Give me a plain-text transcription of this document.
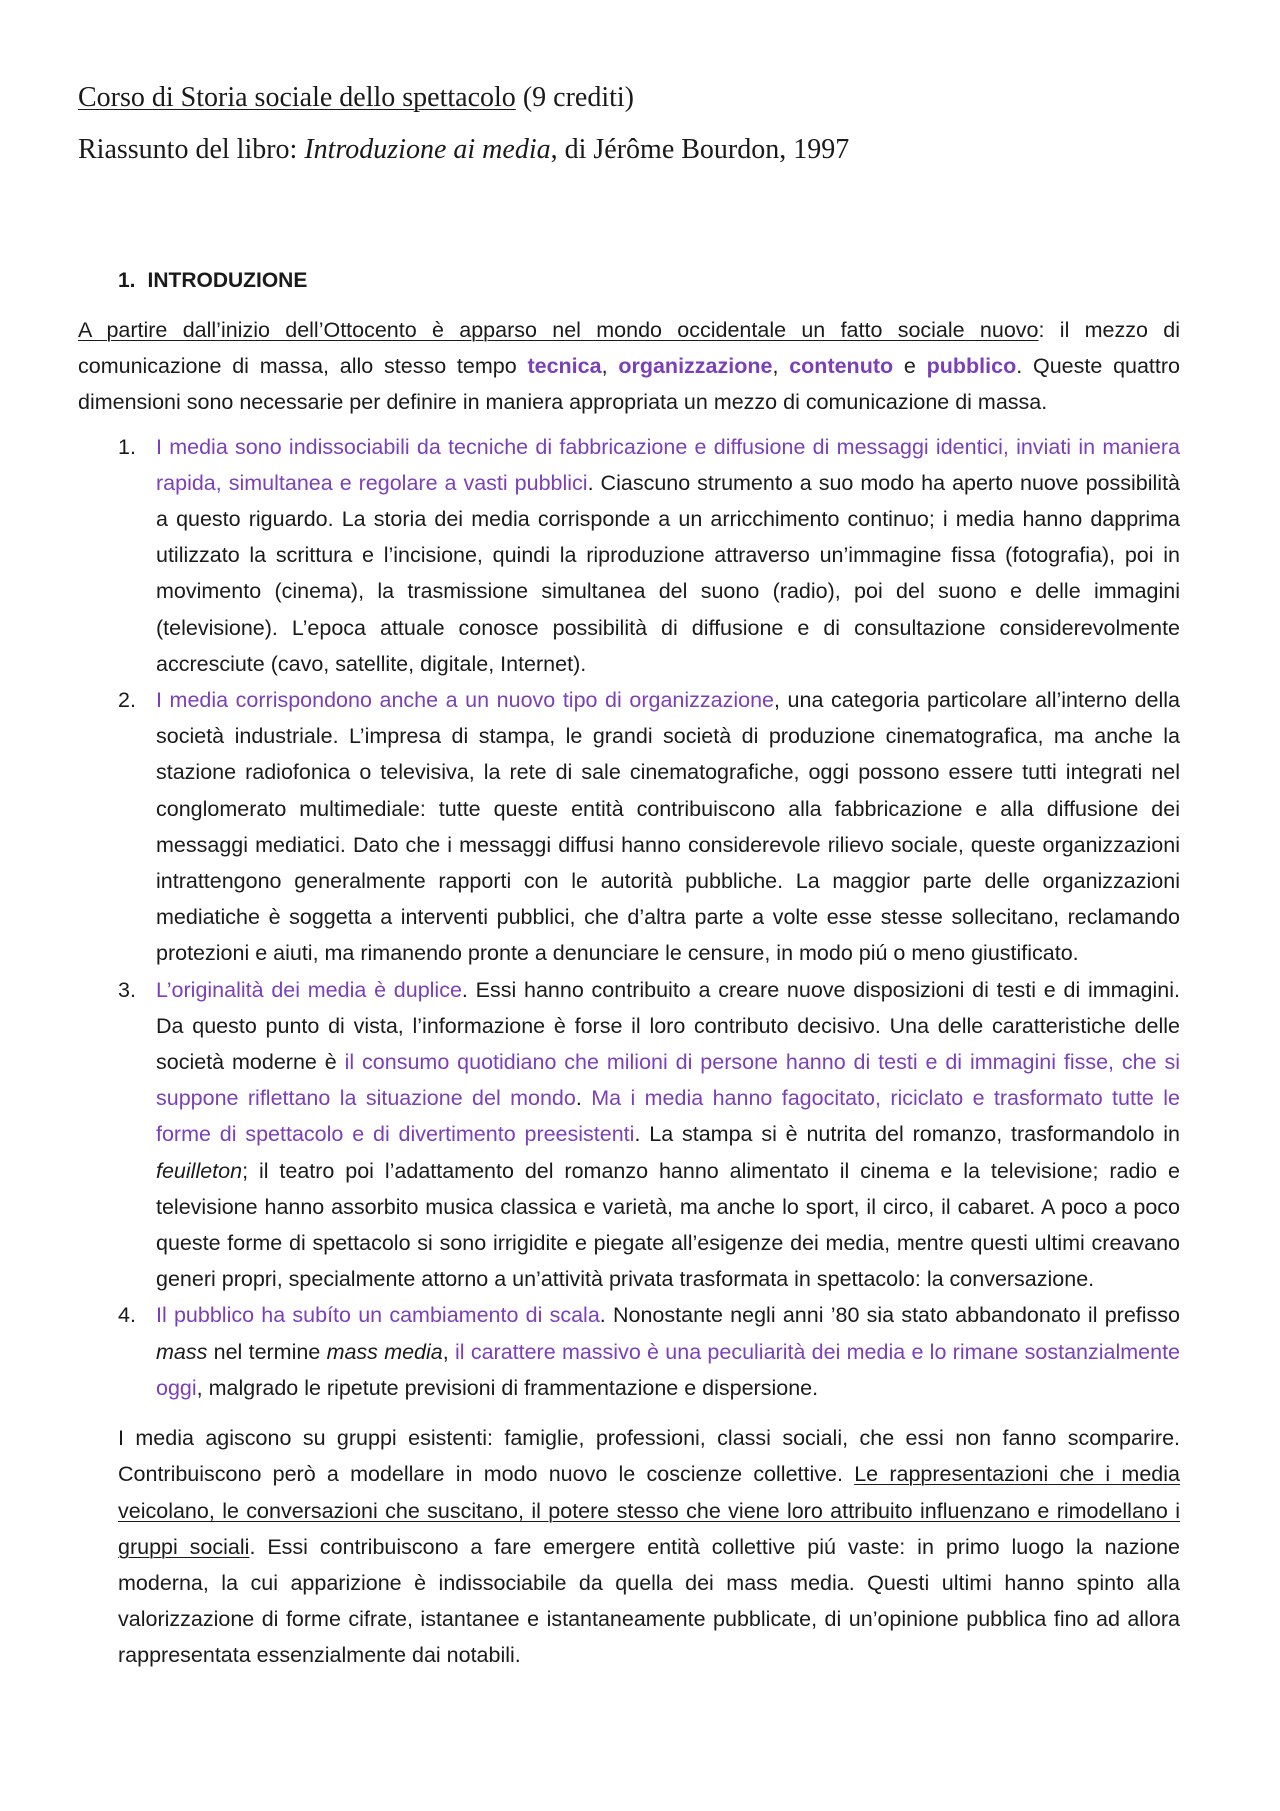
Corso di Storia sociale dello spettacolo (9 crediti)

Riassunto del libro: Introduzione ai media, di Jérôme Bourdon, 1997

1. INTRODUZIONE

A partire dall’inizio dell’Ottocento è apparso nel mondo occidentale un fatto sociale nuovo: il mezzo di comunicazione di massa, allo stesso tempo tecnica, organizzazione, contenuto e pubblico. Queste quattro dimensioni sono necessarie per definire in maniera appropriata un mezzo di comunicazione di massa.

1. I media sono indissociabili da tecniche di fabbricazione e diffusione di messaggi identici, inviati in maniera rapida, simultanea e regolare a vasti pubblici. Ciascuno strumento a suo modo ha aperto nuove possibilità a questo riguardo. La storia dei media corrisponde a un arricchimento continuo; i media hanno dapprima utilizzato la scrittura e l’incisione, quindi la riproduzione attraverso un’immagine fissa (fotografia), poi in movimento (cinema), la trasmissione simultanea del suono (radio), poi del suono e delle immagini (televisione). L’epoca attuale conosce possibilità di diffusione e di consultazione considerevolmente accresciute (cavo, satellite, digitale, Internet).
2. I media corrispondono anche a un nuovo tipo di organizzazione, una categoria particolare all’interno della società industriale. L’impresa di stampa, le grandi società di produzione cinematografica, ma anche la stazione radiofonica o televisiva, la rete di sale cinematografiche, oggi possono essere tutti integrati nel conglomerato multimediale: tutte queste entità contribuiscono alla fabbricazione e alla diffusione dei messaggi mediatici. Dato che i messaggi diffusi hanno considerevole rilievo sociale, queste organizzazioni intrattengono generalmente rapporti con le autorità pubbliche. La maggior parte delle organizzazioni mediatiche è soggetta a interventi pubblici, che d’altra parte a volte esse stesse sollecitano, reclamando protezioni e aiuti, ma rimanendo pronte a denunciare le censure, in modo piú o meno giustificato.
3. L’originalità dei media è duplice. Essi hanno contribuito a creare nuove disposizioni di testi e di immagini. Da questo punto di vista, l’informazione è forse il loro contributo decisivo. Una delle caratteristiche delle società moderne è il consumo quotidiano che milioni di persone hanno di testi e di immagini fisse, che si suppone riflettano la situazione del mondo. Ma i media hanno fagocitato, riciclato e trasformato tutte le forme di spettacolo e di divertimento preesistenti. La stampa si è nutrita del romanzo, trasformandolo in feuilleton; il teatro poi l’adattamento del romanzo hanno alimentato il cinema e la televisione; radio e televisione hanno assorbito musica classica e varietà, ma anche lo sport, il circo, il cabaret. A poco a poco queste forme di spettacolo si sono irrigidite e piegate all’esigenze dei media, mentre questi ultimi creavano generi propri, specialmente attorno a un’attività privata trasformata in spettacolo: la conversazione.
4. Il pubblico ha subíto un cambiamento di scala. Nonostante negli anni ’80 sia stato abbandonato il prefisso mass nel termine mass media, il carattere massivo è una peculiarità dei media e lo rimane sostanzialmente oggi, malgrado le ripetute previsioni di frammentazione e dispersione.

I media agiscono su gruppi esistenti: famiglie, professioni, classi sociali, che essi non fanno scomparire. Contribuiscono però a modellare in modo nuovo le coscienze collettive. Le rappresentazioni che i media veicolano, le conversazioni che suscitano, il potere stesso che viene loro attribuito influenzano e rimodellano i gruppi sociali. Essi contribuiscono a fare emergere entità collettive piú vaste: in primo luogo la nazione moderna, la cui apparizione è indissociabile da quella dei mass media. Questi ultimi hanno spinto alla valorizzazione di forme cifrate, istantanee e istantaneamente pubblicate, di un’opinione pubblica fino ad allora rappresentata essenzialmente dai notabili.
